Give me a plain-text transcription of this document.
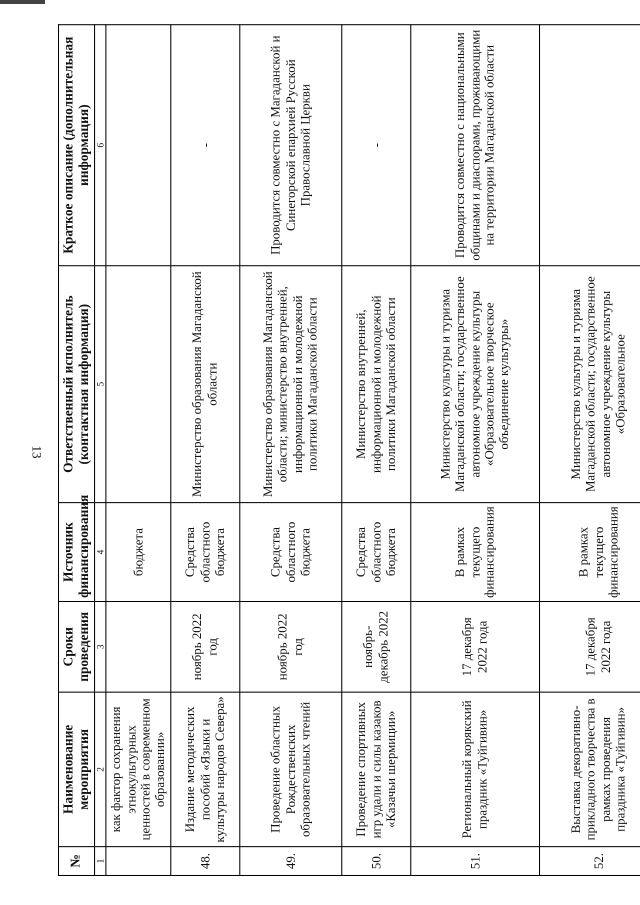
13
№	Наименование мероприятия	Сроки проведения	Источник финансирования	Ответственный исполнитель (контактная информация)	Краткое описание (дополнительная информация)
1	2	3	4	5	6
	как фактор сохранения этнокультурных ценностей в современном образовании»		бюджета		
48.	Издание методических пособий «Языки и культуры народов Севера»	ноябрь 2022 год	Средства областного бюджета	Министерство образования Магаданской области	-
49.	Проведение областных Рождественских образовательных чтений	ноябрь 2022 год	Средства областного бюджета	Министерство образования Магаданской области; министерство внутренней, информационной и молодежной политики Магаданской области	Проводится совместно с Магаданской и Синегорской епархией Русской Православной Церкви
50.	Проведение спортивных игр удали и силы казаков «Казачьи шермиции»	ноябрь-декабрь 2022	Средства областного бюджета	Министерство внутренней, информационной и молодежной политики Магаданской области	-
51.	Региональный корякский праздник «Туйгивин»	17 декабря 2022 года	В рамках текущего финансирования	Министерство культуры и туризма Магаданской области; государственное автономное учреждение культуры «Образовательное творческое объединение культуры»	Проводится совместно с национальными общинами и диаспорами, проживающими на территории Магаданской области
52.	Выставка декоративно-прикладного творчества в рамках проведения праздника «Туйгивин»	17 декабря 2022 года	В рамках текущего финансирования	Министерство культуры и туризма Магаданской области; государственное автономное учреждение культуры «Образовательное	
